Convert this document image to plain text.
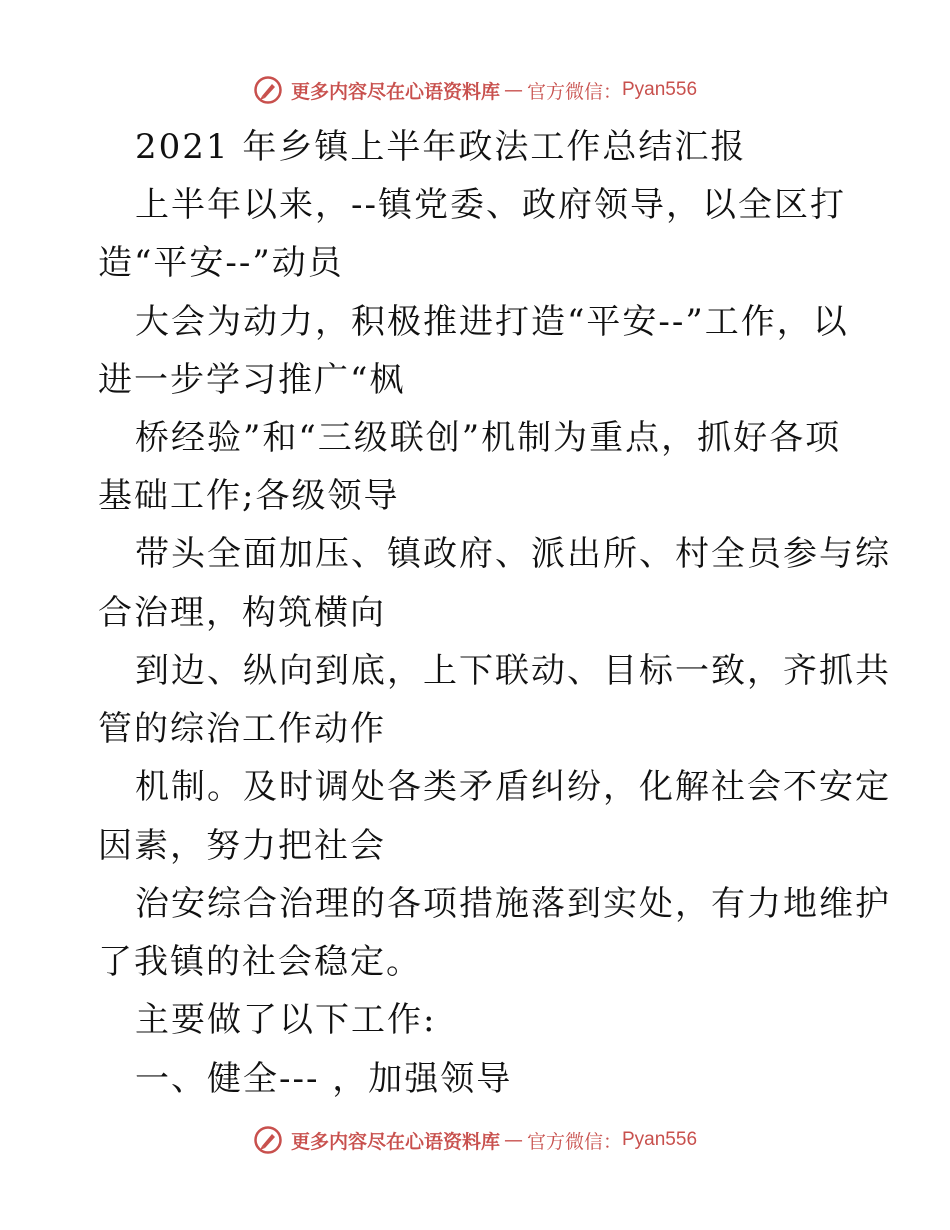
更多内容尽在心语资料库 — 官方微信： Pyan556
2021 年乡镇上半年政法工作总结汇报
上半年以来，--镇党委、政府领导，以全区打
造“平安--”动员
大会为动力，积极推进打造“平安--”工作，以
进一步学习推广“枫
桥经验”和“三级联创”机制为重点，抓好各项
基础工作;各级领导
带头全面加压、镇政府、派出所、村全员参与综
合治理，构筑横向
到边、纵向到底，上下联动、目标一致，齐抓共
管的综治工作动作
机制。及时调处各类矛盾纠纷，化解社会不安定
因素，努力把社会
治安综合治理的各项措施落到实处，有力地维护
了我镇的社会稳定。
主要做了以下工作:
一、健全--- ，加强领导
更多内容尽在心语资料库 — 官方微信： Pyan556
